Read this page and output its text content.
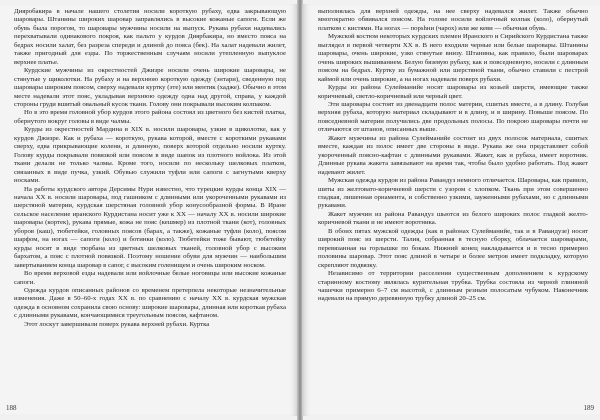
Дияробакира в начале нашего столетия носили короткую рубаху, едва закрывающую шаровары. Штанины широких шаровар заправлялись в высокие кожаные сапоги. Если же обувь была порогом, то шаровары мужчины носили на выпуск. Рукава рубахи надевались перехватывали одинакового покроя, как пальто у курдов Диярбакира, но вместо пояса на бедрах носили халат, без разреза спереди и длиной до пояса (бек). На халат надевали жилет, также пригодный для езды. По торжественным случаям носили утепленную выпуклое верхнее платье.

Курдские мужчины из окрестностей Джизре носили очень широкие шаровары, не стянутые у щиколотки. На рубаху и на верхнюю короткую одежду (энтари), сведенную под шаровары широким поясом, сверху надевали куртку (эте) или ментик (хадже). Обычно в этом месте надевали этот пояс, укладывая верхнюю одежду одна над другой, справа, у каждой стороны груди вшитый овальный кусок ткани. Голову они покрывали высоким колпаком.

Но в это время головной убор курдов этого района состоял из цветного без кистей платка, обернутого вокруг головы в виде чалмы.

Курды из окрестностей Мардина в XIX в. носили шаровары, узкие в щиколотке, как у курдов Джизре. Как и рубаха — короткую, рукава которой, вместе с короткими рукавами сверху, едва прикрывающие колени, и длинную, поверх которой отдельно носили куртку. Голову курды покрывали повязкой или поясом в виде шапок из плотного войлока. Из этой ткани делали не только чалмы. Кроме того, носили по нескольку шелковых платков, связанных в виде пучка, узкий. Обувью служили туфли или сапоги с загнутыми кверху носками.

На работы курдского автора Дерсимы Нури известно, что турецкие курды конца XIX — начала XX в. носили шаровары, под гашником с длинными или укороченными рукавами из шерстяной материи, курдская шерстяная головной убор конусообразной формы. В Иране сельское население иранского Курдистана носит уже к XX — началу XX в. носили широкие шаровары (кортек), рукава прямые, кожа не пояс (кешмер) из плотной ткани (кот), головных уборов (каш), тюбетейки, головных поясов (барах, а также), кожаные туфли (коло), поясом шарфом, на ногах — сапоги (коло) и ботинки (коло). Тюбетейки тоже бывают, тюбетейку курды носят в виде тюрбана из цветных шелковых тканей, головной убор с высоким бархатом, а пояс с плотной повязкой. Поэтому ношение обуви для мужчин — наибольшим завертыванием конца шаровар в сапог, с высоким голенищем и очень широким носком.

Во время верховой езды надевали или войлочные белые ноговицы или высокие кожаные сапоги.

Одежда курдов описанных районов со временем претерпела некоторые незначительные изменения. Даже в 50–60-х годах XX в. по сравнению с началу XX в. курдская мужская одежда в основном сохранила свою основу: широкие шаровары, длинная или короткая рубаха с длинными рукавами, кончающимися треугольным поясом, кафтаном.

Этот лоскут завершивали поверх рукава верхней рубахи. Куртка

188

выполнялась для верхней одежды, на нее сверху надевался жилет. Также обычно многократно обвивался поясом. На голове носили войлочный колпак (коло), обернутый платком с кистями. На ногах — порshни (чарох) или же кеви — обычная обувь.

Мужской костюм некоторых курдских племен Иранского и Сирийского Курдистана также выглядел в первой четверти XX в. В него входили черные или белые шаровары. Штанины шаровары, очень широкие, узко стянутые внизу. Штанины, как правило, были шароварах очень широких вышиванием. Белую бязевую рубаху, как и повседневную, носили с длинным поясом на бедрах. Куртку из бумажной или шерстяной ткани, обычно ставили с пестрой каймой или очень широкие, а на ногах надевали поверх рубахи.

Курды из района Сулейманийе носят шаровары из козьей шерсти, имеющие также коричневый, светло-коричневый или черный цвет.

Эти шаровары состоят из двенадцати полос материи, сшитых вместе, а в длину. Голубая верхняя рубаха, которую материал складывают и в длину, и в ширину. Повыше поясом. По повседневной материи получились две продольных полосы. По покрою шаровары почти не отличаются от штанов, описанных выше.

Жакет мужчины из района Сулейманийе состоит из двух полосок материала, сшитых вместе, каждая из полос имеет две стороны в виде. Рукава же она представляет собой укороченный поясно-кафтан с длинными рукавами. Жакет, как и рубаха, имеет воротник. Длинные рукава жакета завязывают на время так, чтобы было удобно работать. Под жакет надевают жилет.

Мужская одежда курдов из района Равандуз немного отличается. Шаровары, как правило, шиты из желтовато-коричневой шерсти с узором с хлопком. Ткань при этом совершенно гладкая, лишенная орнамента, и собственно узкими, зауженными рубахами, но с длинными рукавами.

Жакет мужчин из района Равандуз шьются из белого широких полос гладкой желто-коричневой ткани и не имеют воротника.

В обоих пятах мужской одежды (как в районах Сулейманийе, так и в Равандузе) носят широкий пояс из шерсти. Талия, собранная в тесную сборку, облачается шароварами, перевязанная на горлышке по бокам. Нижний конец накладывается и в тесно примерно половины шаровар. Этот пояс длиной в четыре и более метров имеет подкладку, которую скрепляют подвязку.

Независимо от территории расселения существенным дополнением к курдскому старинному костюму являлась курительная трубка. Трубка состояла из черной глиняной чашечки примерно 6–7 см высотой, с длинным резным полосатым чубуком. Наконечник надевали на прямую деревянную трубку длиной 20–25 см.

189
